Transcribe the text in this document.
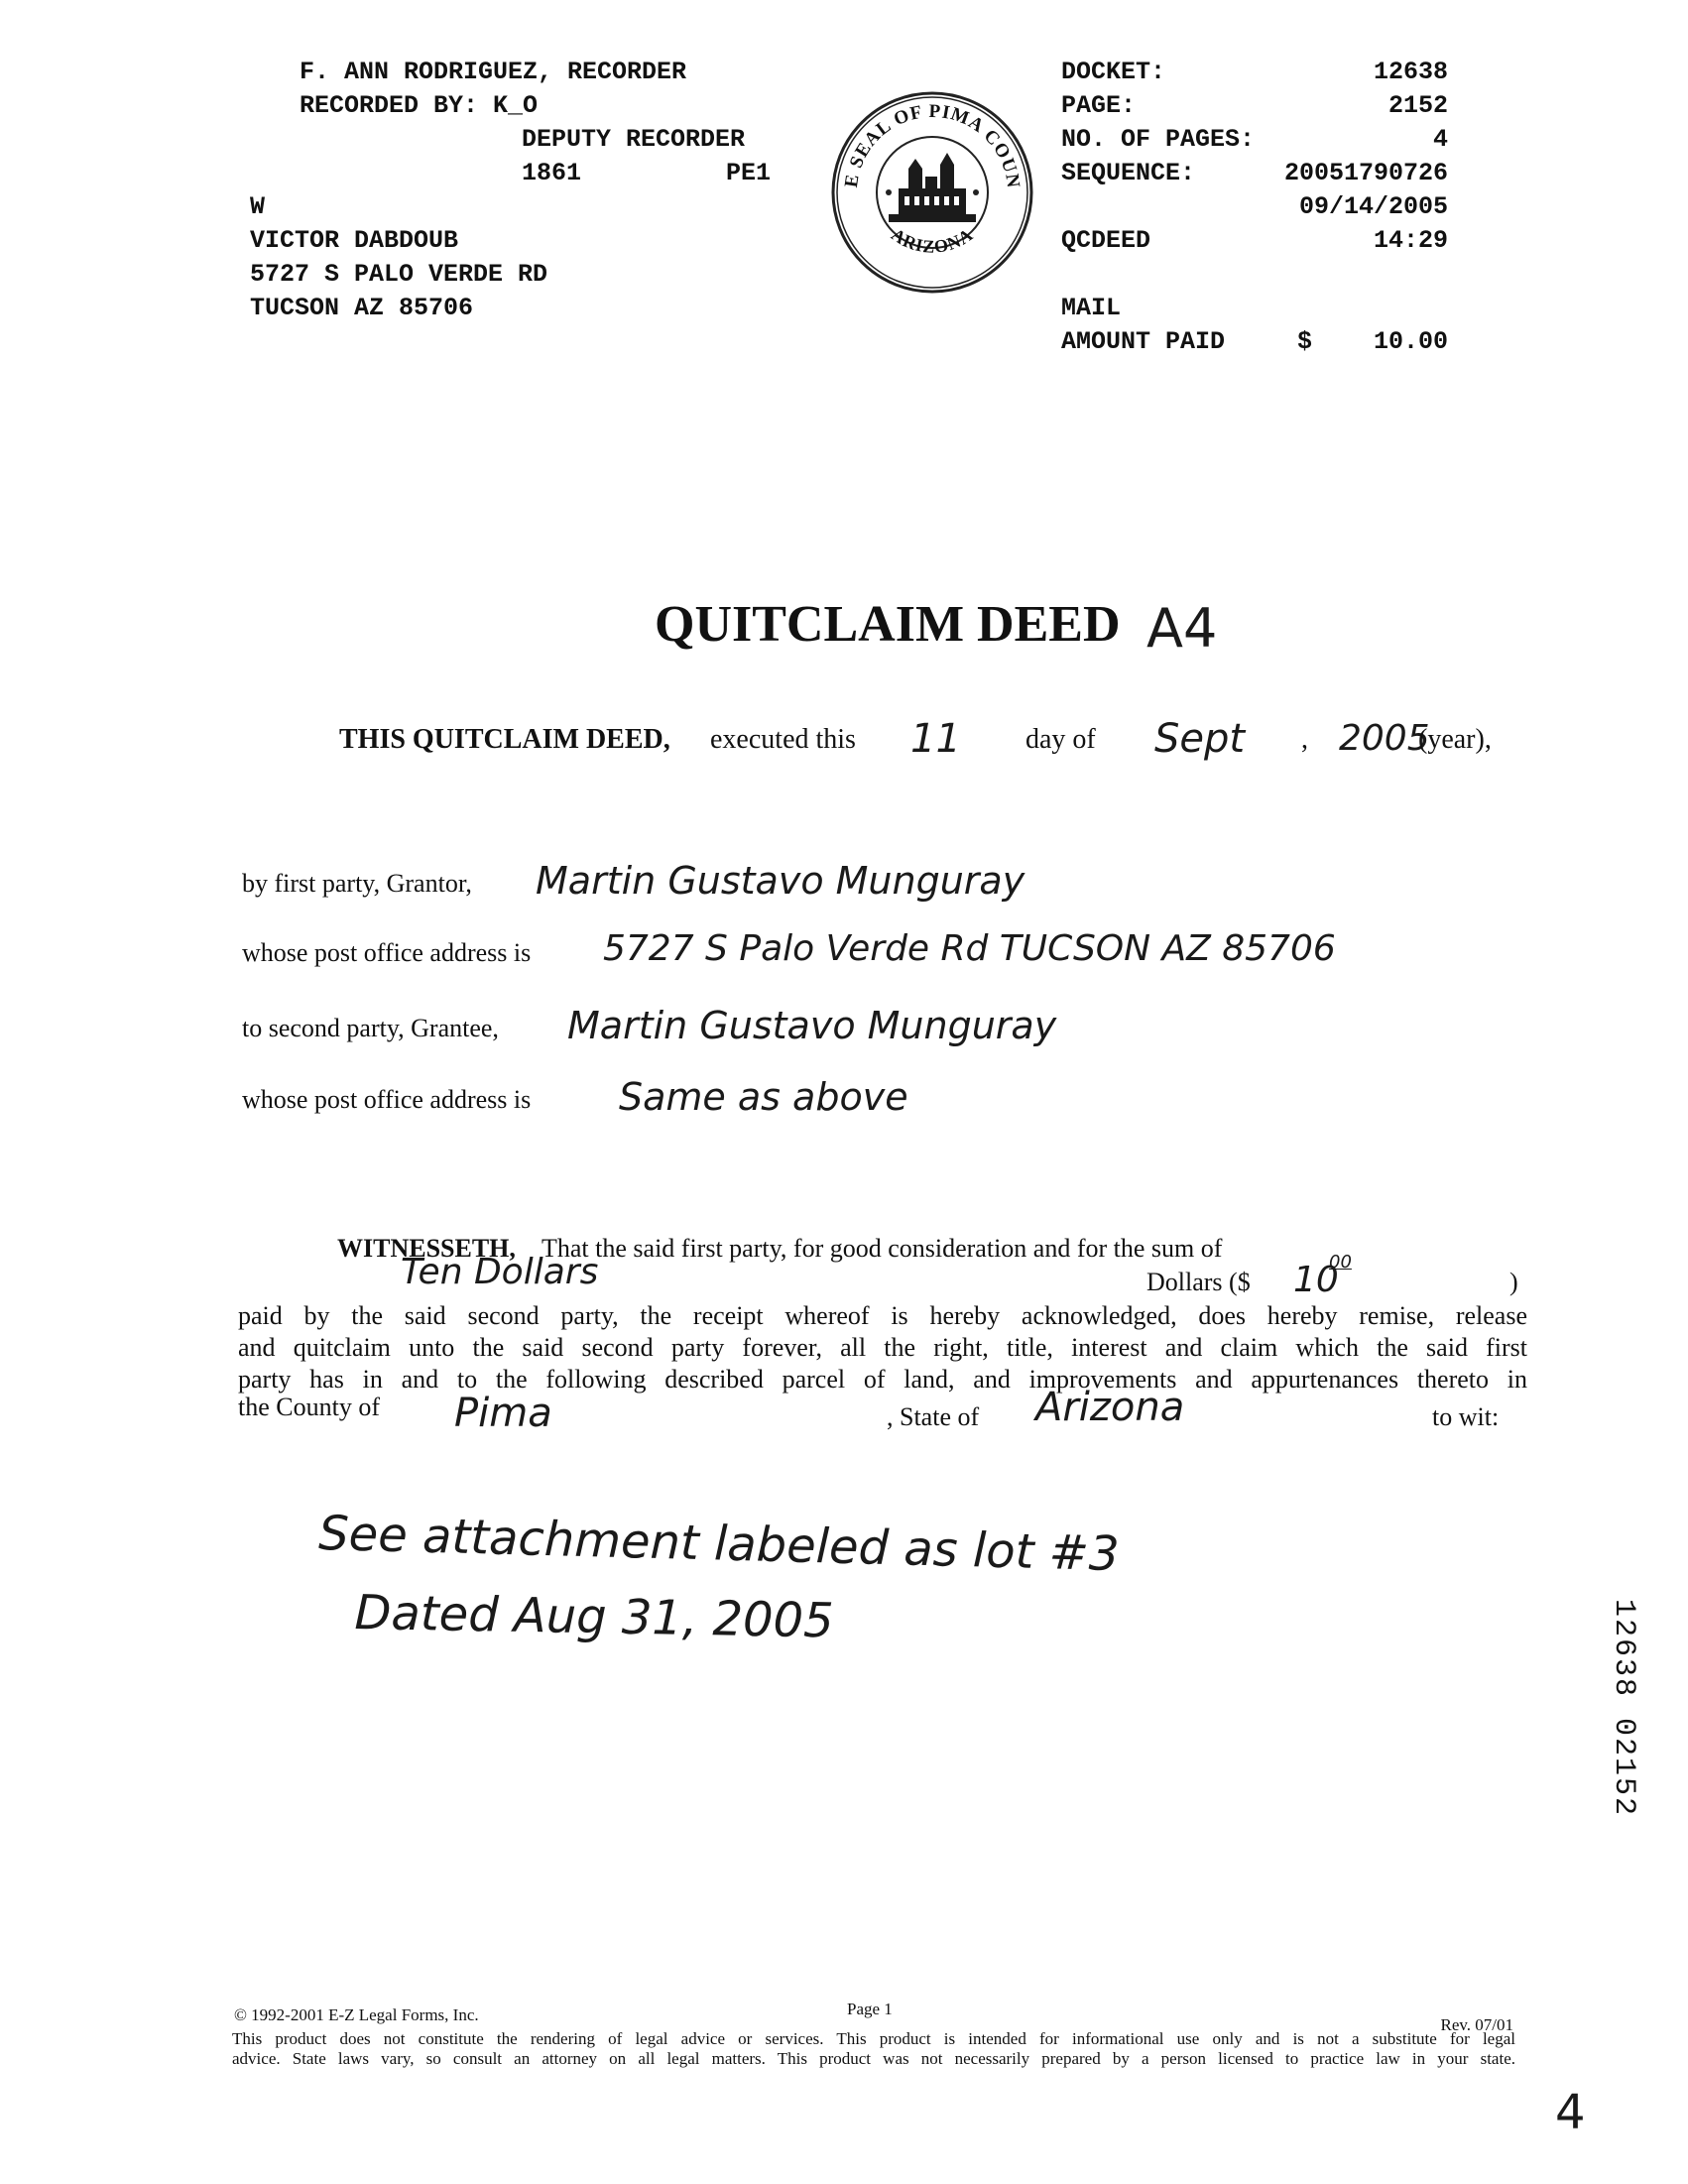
F. ANN RODRIGUEZ, RECORDER
RECORDED BY: K_O
DEPUTY RECORDER
1861	PE1
W
VICTOR DABDOUB
5727 S PALO VERDE RD
TUCSON AZ 85706
E SEAL OF PIMA COUN
ARIZONA
DOCKET:	12638
PAGE:	2152
NO. OF PAGES:	4
SEQUENCE:	20051790726
09/14/2005
QCDEED	14:29
MAIL
AMOUNT PAID	$	10.00
QUITCLAIM DEED A4
THIS QUITCLAIM DEED, executed this 11 day of Sept , 2005
(year),
by first party, Grantor, Martin Gustavo Munguray
whose post office address is 5727 S Palo Verde Rd TUCSON AZ 85706
to second party, Grantee, Martin Gustavo Munguray
whose post office address is Same as above
WITNESSETH, That the said first party, for good consideration and for the sum of
Ten Dollars	Dollars ($ 10
00
)
paid by the said second party, the receipt whereof is hereby acknowledged, does hereby remise, release
and quitclaim unto the said second party forever, all the right, title, interest and claim which the said first
party has in and to the following described parcel of land, and improvements and appurtenances thereto in
the County of Pima	, State of Arizona	to wit:
See attachment labeled as lot #3
Dated Aug 31, 2005	12638 02152
© 1992-2001 E-Z Legal Forms, Inc.	Page 1
Rev. 07/01
This product does not constitute the rendering of legal advice or services. This product is intended for informational use only and is not a substitute for legal
advice. State laws vary, so consult an attorney on all legal matters. This product was not necessarily prepared by a person licensed to practice law in your state.
4
